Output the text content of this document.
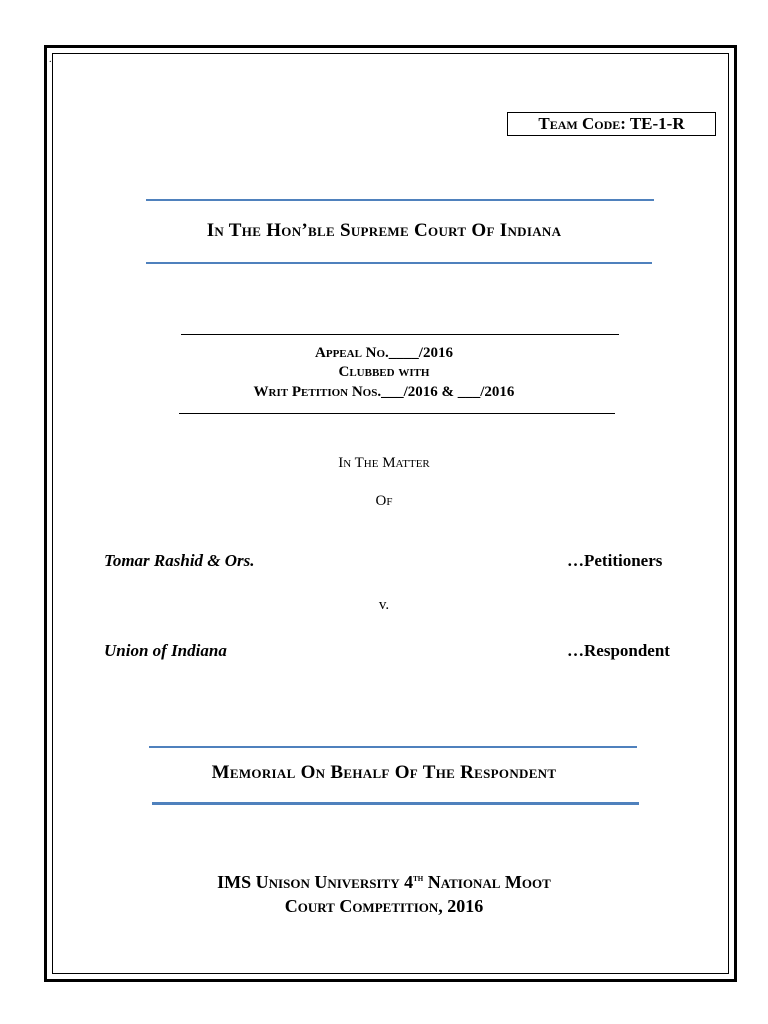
.
Team Code: TE-1-R
In The Hon’ble Supreme Court Of Indiana
Appeal No.____/2016
Clubbed with
Writ Petition Nos.___/2016 & ___/2016
In The Matter
Of
Tomar Rashid & Ors.	…Petitioners
v.
Union of Indiana	…Respondent
Memorial On Behalf Of The Respondent
IMS Unison University 4th National Moot
Court Competition, 2016
